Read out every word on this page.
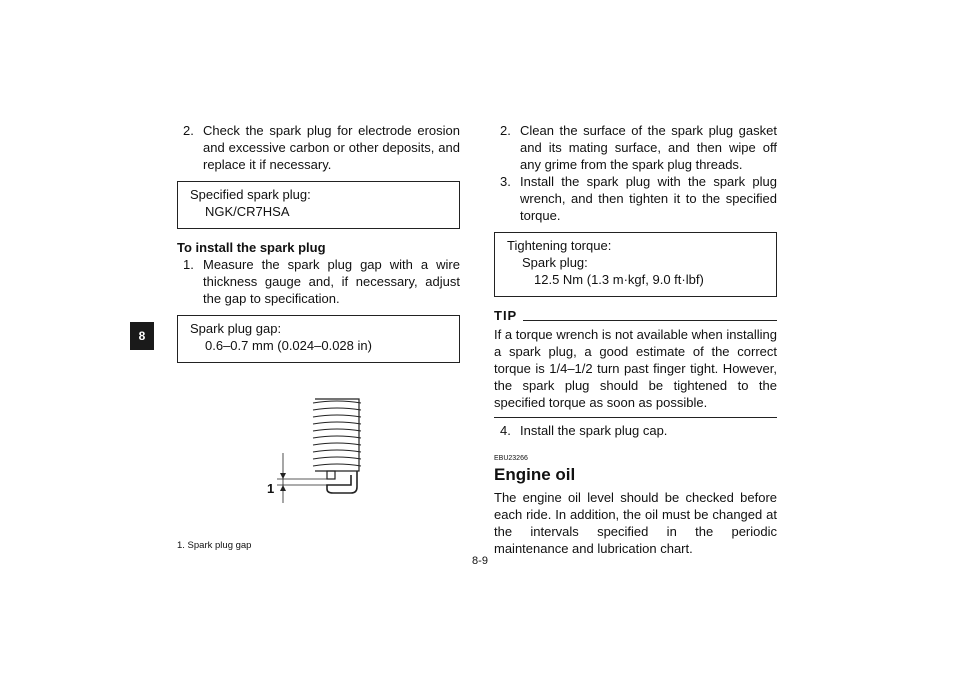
8
2. Check the spark plug for electrode erosion and excessive carbon or other deposits, and replace it if necessary.
Specified spark plug:
NGK/CR7HSA
To install the spark plug
1. Measure the spark plug gap with a wire thickness gauge and, if necessary, adjust the gap to specification.
Spark plug gap:
0.6–0.7 mm (0.024–0.028 in)
1
1. Spark plug gap
2. Clean the surface of the spark plug gasket and its mating surface, and then wipe off any grime from the spark plug threads.
3. Install the spark plug with the spark plug wrench, and then tighten it to the specified torque.
Tightening torque:
Spark plug:
12.5 Nm (1.3 m·kgf, 9.0 ft·lbf)
TIP
If a torque wrench is not available when installing a spark plug, a good estimate of the correct torque is 1/4–1/2 turn past finger tight. However, the spark plug should be tightened to the specified torque as soon as possible.
4. Install the spark plug cap.
EBU23266
Engine oil
The engine oil level should be checked before each ride. In addition, the oil must be changed at the intervals specified in the periodic maintenance and lubrication chart.
8-9
